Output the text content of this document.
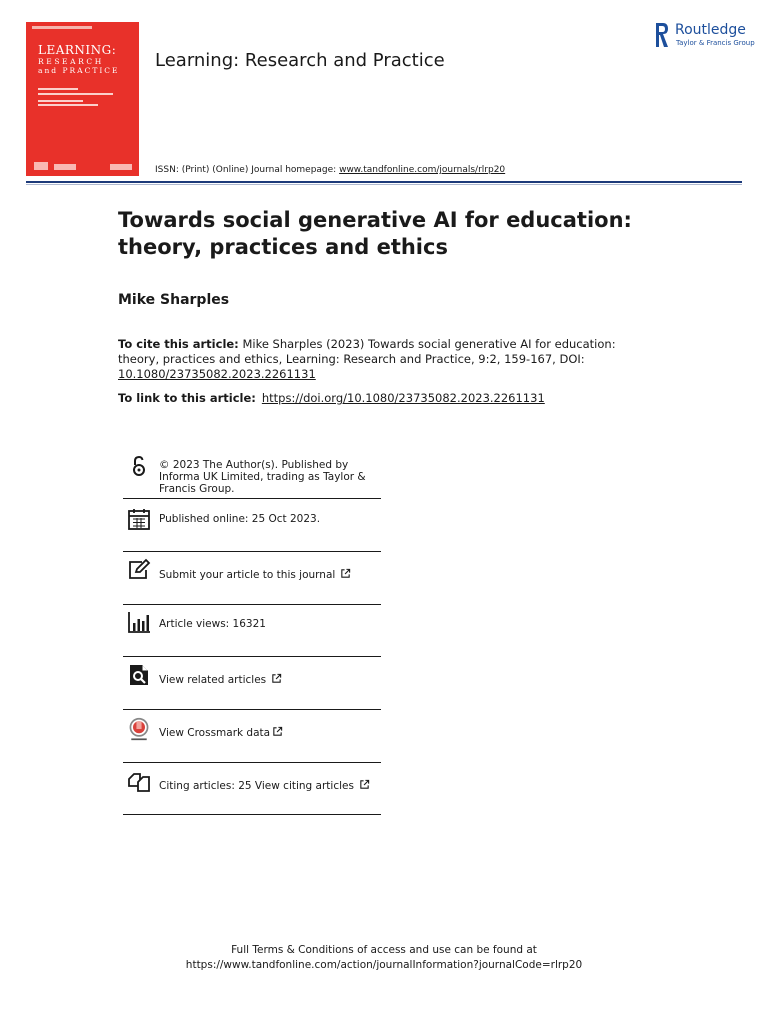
LEARNING:
RESEARCH
and PRACTICE Learning: Research and Practice
Routledge
Taylor & Francis Group
ISSN: (Print) (Online) Journal homepage: www.tandfonline.com/journals/rlrp20
Towards social generative AI for education: theory, practices and ethics
Mike Sharples
To cite this article: Mike Sharples (2023) Towards social generative AI for education: theory, practices and ethics, Learning: Research and Practice, 9:2, 159-167, DOI: 10.1080/23735082.2023.2261131
To link to this article: https://doi.org/10.1080/23735082.2023.2261131
© 2023 The Author(s). Published by Informa UK Limited, trading as Taylor & Francis Group.
Published online: 25 Oct 2023.
Submit your article to this journal
Article views: 16321
View related articles
View Crossmark data
Citing articles: 25 View citing articles
Full Terms & Conditions of access and use can be found at
https://www.tandfonline.com/action/journalInformation?journalCode=rlrp20
